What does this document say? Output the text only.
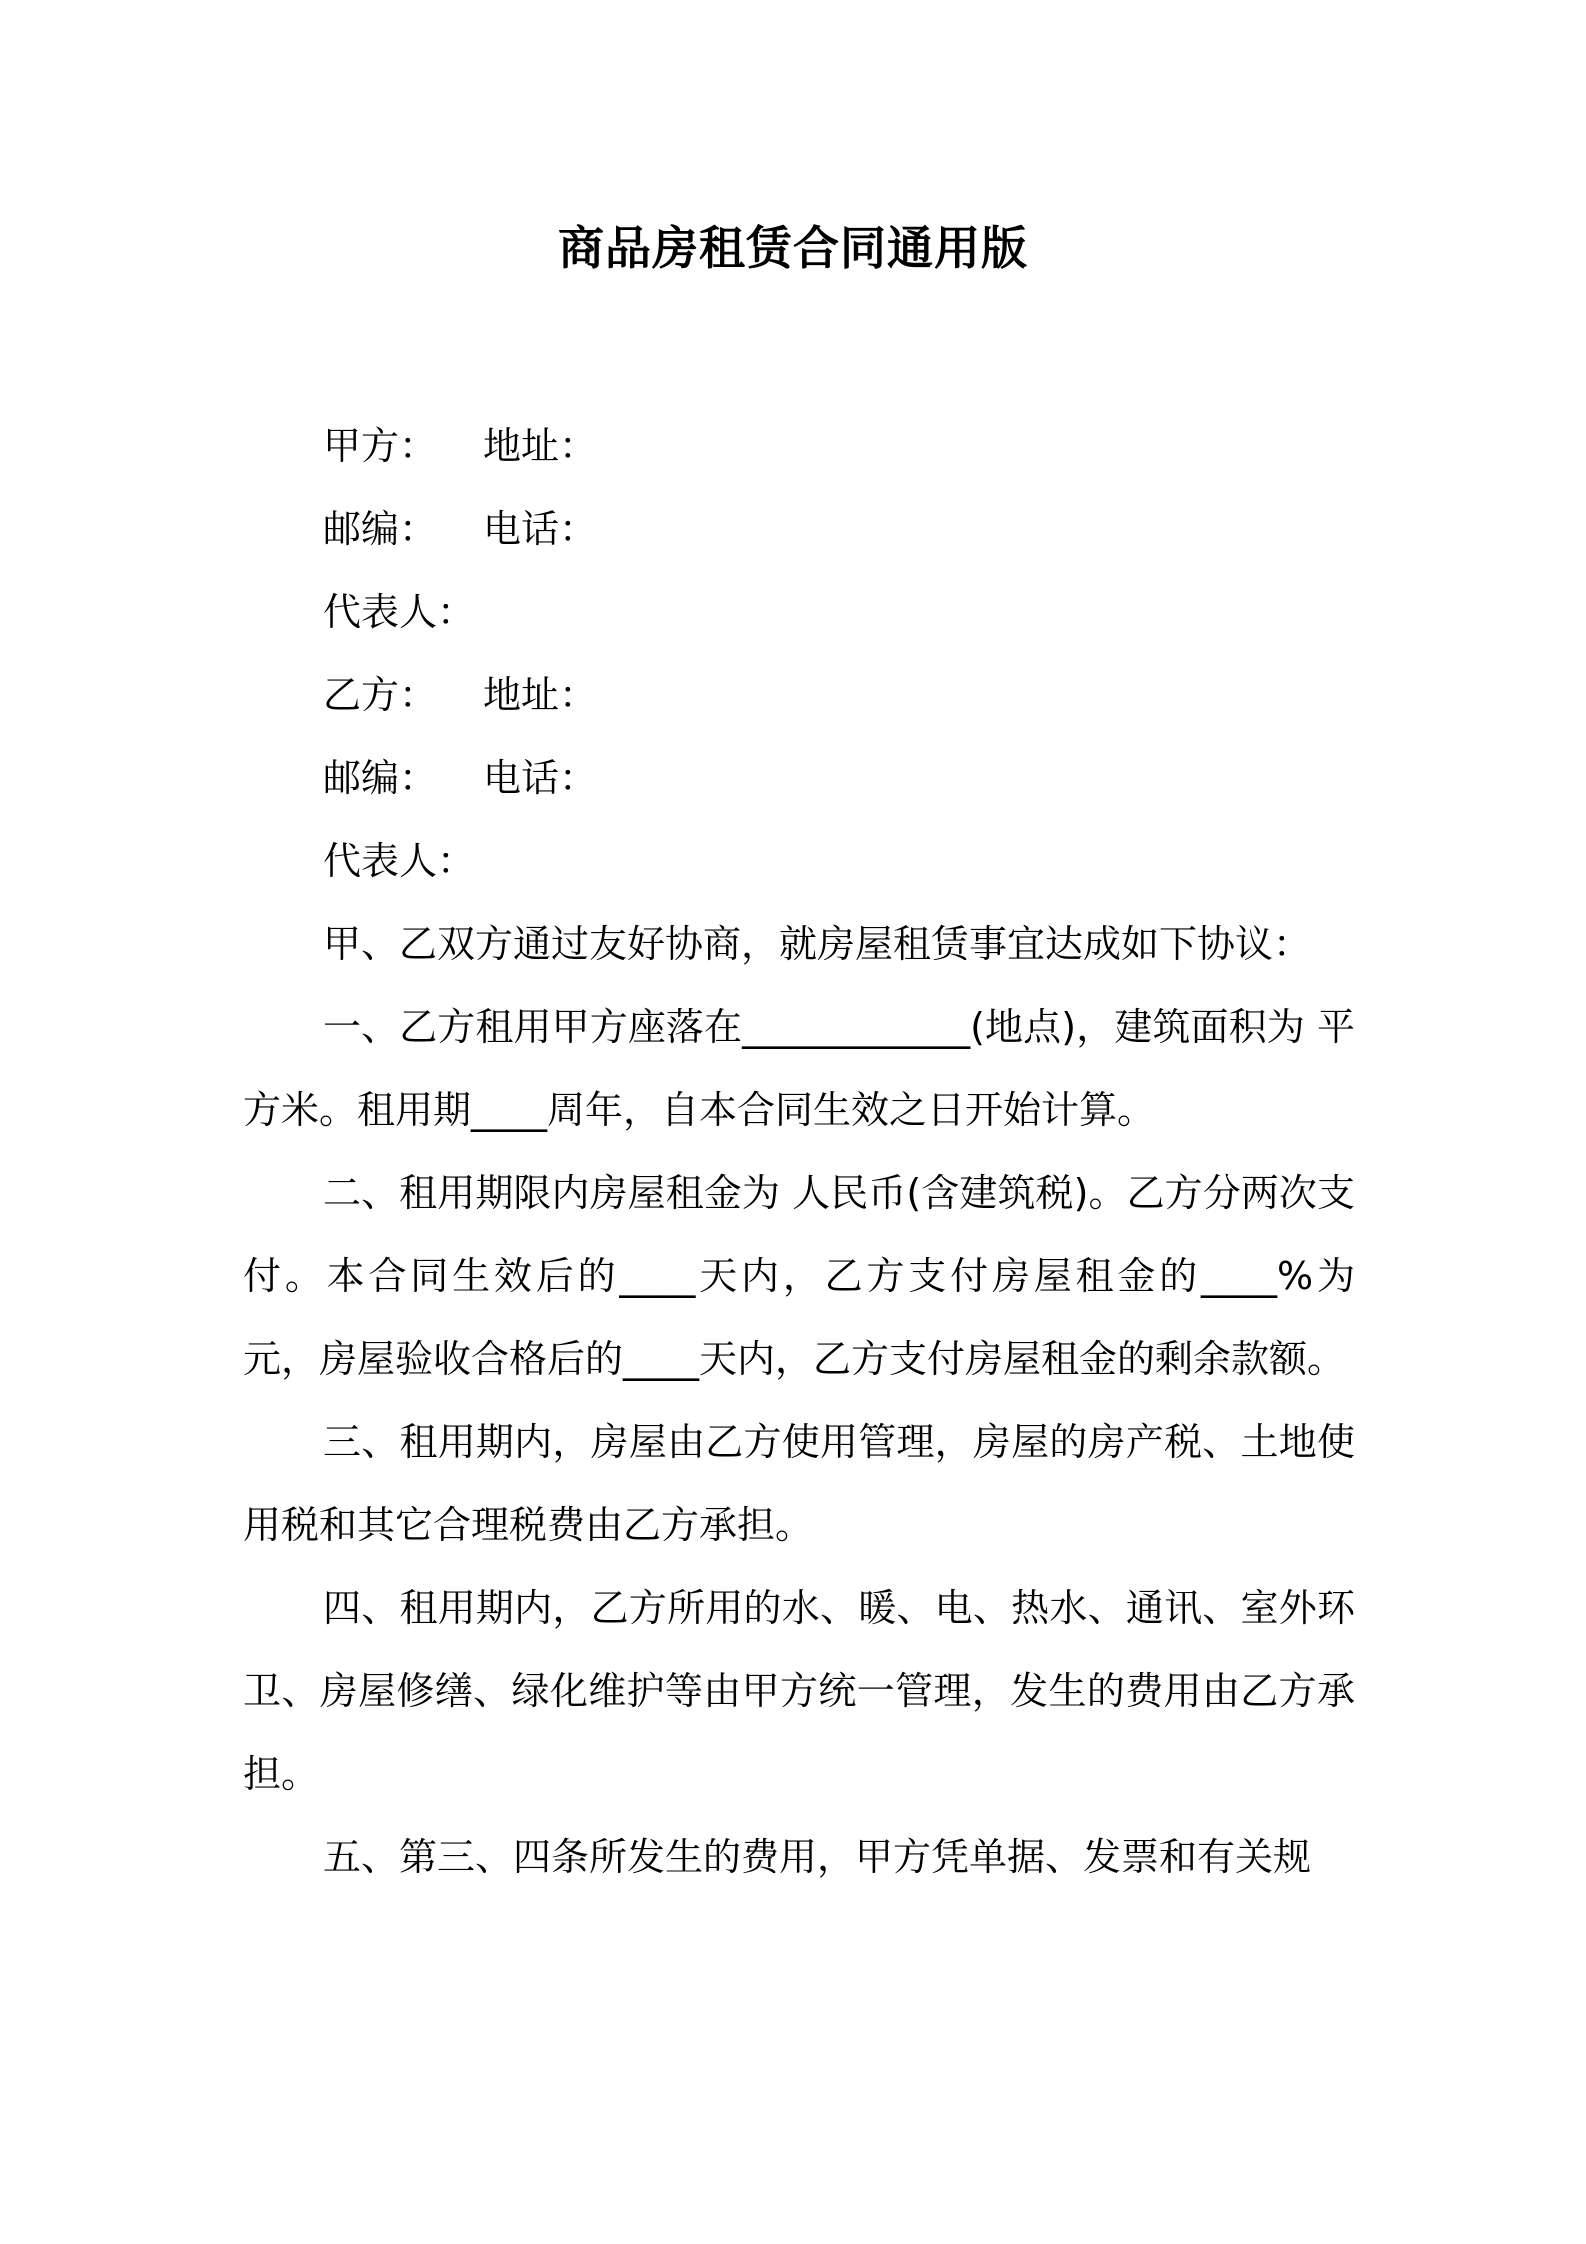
商品房租赁合同通用版
甲方： 地址：
邮编： 电话：
代表人：
乙方： 地址：
邮编： 电话：
代表人：

甲、乙双方通过友好协商，就房屋租赁事宜达成如下协议：

一、乙方租用甲方座落在____________(地点)，建筑面积为 平方米。租用期____周年，自本合同生效之日开始计算。

二、租用期限内房屋租金为 人民币(含建筑税)。乙方分两次支付。本合同生效后的____天内，乙方支付房屋租金的____%为 元，房屋验收合格后的____天内，乙方支付房屋租金的剩余款额。

三、租用期内，房屋由乙方使用管理，房屋的房产税、土地使用税和其它合理税费由乙方承担。

四、租用期内，乙方所用的水、暖、电、热水、通讯、室外环卫、房屋修缮、绿化维护等由甲方统一管理，发生的费用由乙方承担。

五、第三、四条所发生的费用，甲方凭单据、发票和有关规
